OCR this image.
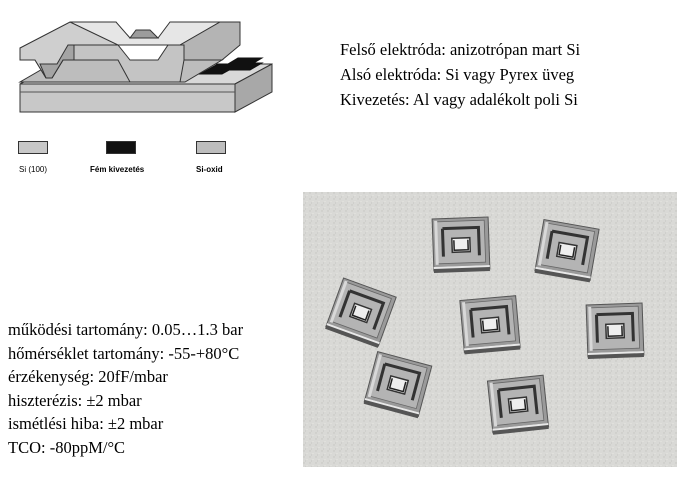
Si (100)	Fém kivezetés	Si-oxid
Felső elektróda: anizotrópan mart Si
Alsó elektróda: Si vagy Pyrex üveg
Kivezetés: Al vagy adalékolt poli Si
működési tartomány: 0.05…1.3 bar
hőmérséklet tartomány: -55-+80°C
érzékenység: 20fF/mbar
hiszterézis: ±2 mbar
ismétlési hiba: ±2 mbar
TCO: -80ppM/°C
